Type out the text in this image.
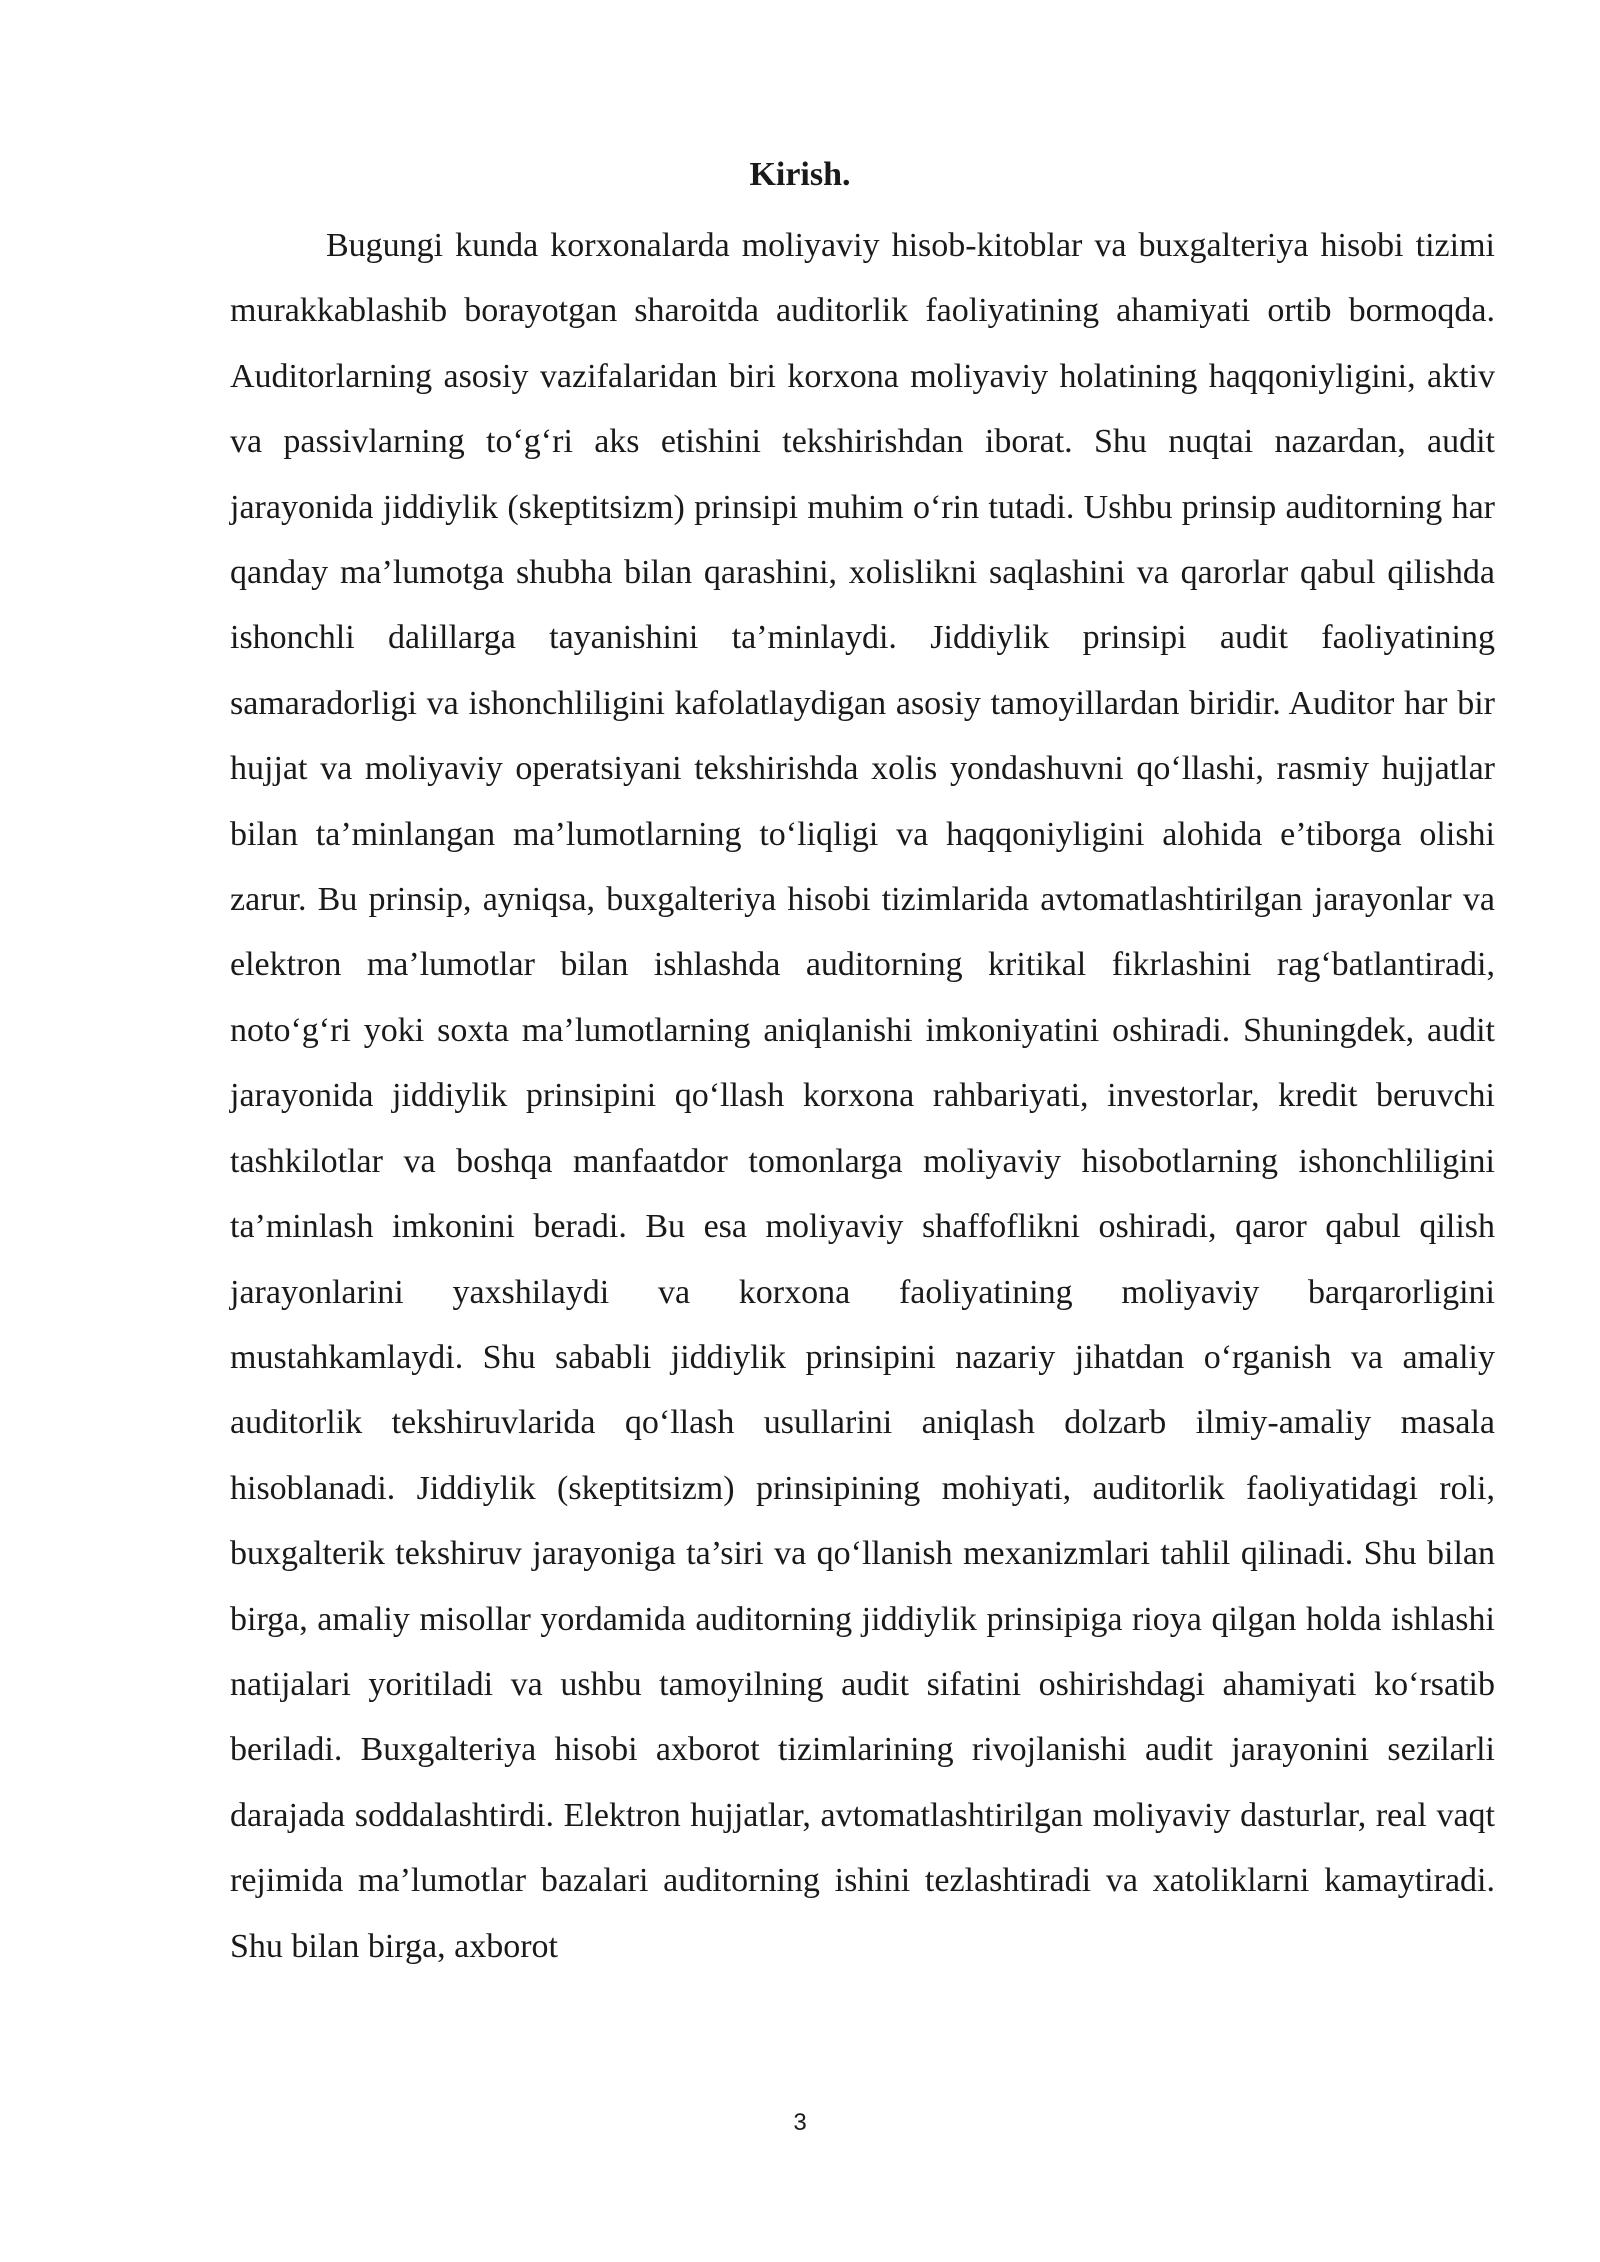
Kirish.

Bugungi kunda korxonalarda moliyaviy hisob-kitoblar va buxgalteriya hisobi tizimi murakkablashib borayotgan sharoitda auditorlik faoliyatining ahamiyati ortib bormoqda. Auditorlarning asosiy vazifalaridan biri korxona moliyaviy holatining haqqoniyligini, aktiv va passivlarning to‘g‘ri aks etishini tekshirishdan iborat. Shu nuqtai nazardan, audit jarayonida jiddiylik (skeptitsizm) prinsipi muhim o‘rin tutadi. Ushbu prinsip auditorning har qanday ma’lumotga shubha bilan qarashini, xolislikni saqlashini va qarorlar qabul qilishda ishonchli dalillarga tayanishini ta’minlaydi. Jiddiylik prinsipi audit faoliyatining samaradorligi va ishonchliligini kafolatlaydigan asosiy tamoyillardan biridir. Auditor har bir hujjat va moliyaviy operatsiyani tekshirishda xolis yondashuvni qo‘llashi, rasmiy hujjatlar bilan ta’minlangan ma’lumotlarning to‘liqligi va haqqoniyligini alohida e’tiborga olishi zarur. Bu prinsip, ayniqsa, buxgalteriya hisobi tizimlarida avtomatlashtirilgan jarayonlar va elektron ma’lumotlar bilan ishlashda auditorning kritikal fikrlashini rag‘batlantiradi, noto‘g‘ri yoki soxta ma’lumotlarning aniqlanishi imkoniyatini oshiradi. Shuningdek, audit jarayonida jiddiylik prinsipini qo‘llash korxona rahbariyati, investorlar, kredit beruvchi tashkilotlar va boshqa manfaatdor tomonlarga moliyaviy hisobotlarning ishonchliligini ta’minlash imkonini beradi. Bu esa moliyaviy shaffoflikni oshiradi, qaror qabul qilish jarayonlarini yaxshilaydi va korxona faoliyatining moliyaviy barqarorligini mustahkamlaydi. Shu sababli jiddiylik prinsipini nazariy jihatdan o‘rganish va amaliy auditorlik tekshiruvlarida qo‘llash usullarini aniqlash dolzarb ilmiy-amaliy masala hisoblanadi. Jiddiylik (skeptitsizm) prinsipining mohiyati, auditorlik faoliyatidagi roli, buxgalterik tekshiruv jarayoniga ta’siri va qo‘llanish mexanizmlari tahlil qilinadi. Shu bilan birga, amaliy misollar yordamida auditorning jiddiylik prinsipiga rioya qilgan holda ishlashi natijalari yoritiladi va ushbu tamoyilning audit sifatini oshirishdagi ahamiyati ko‘rsatib beriladi. Buxgalteriya hisobi axborot tizimlarining rivojlanishi audit jarayonini sezilarli darajada soddalashtirdi. Elektron hujjatlar, avtomatlashtirilgan moliyaviy dasturlar, real vaqt rejimida ma’lumotlar bazalari auditorning ishini tezlashtiradi va xatoliklarni kamaytiradi. Shu bilan birga, axborot

3
